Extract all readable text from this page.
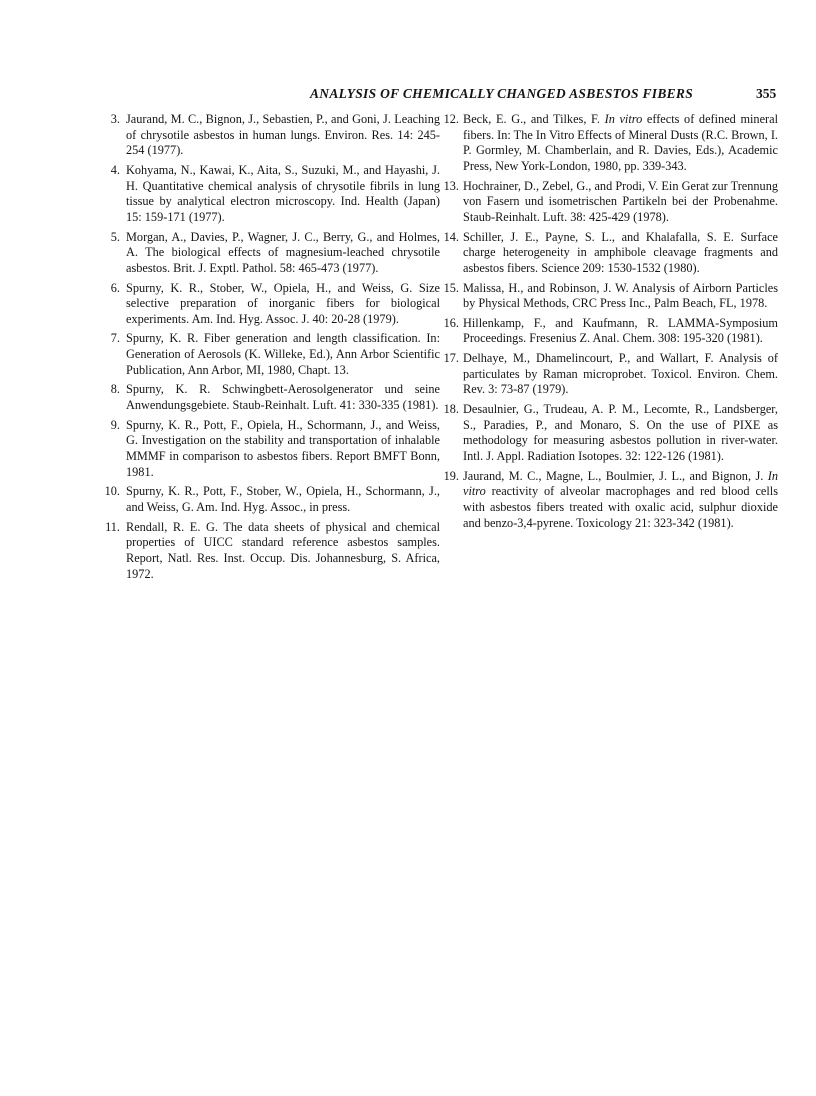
ANALYSIS OF CHEMICALLY CHANGED ASBESTOS FIBERS	355
3. Jaurand, M. C., Bignon, J., Sebastien, P., and Goni, J. Leaching of chrysotile asbestos in human lungs. Environ. Res. 14: 245-254 (1977).
4. Kohyama, N., Kawai, K., Aita, S., Suzuki, M., and Hayashi, J. H. Quantitative chemical analysis of chrysotile fibrils in lung tissue by analytical electron microscopy. Ind. Health (Japan) 15: 159-171 (1977).
5. Morgan, A., Davies, P., Wagner, J. C., Berry, G., and Holmes, A. The biological effects of magnesium-leached chrysotile asbestos. Brit. J. Exptl. Pathol. 58: 465-473 (1977).
6. Spurny, K. R., Stober, W., Opiela, H., and Weiss, G. Size selective preparation of inorganic fibers for biological experiments. Am. Ind. Hyg. Assoc. J. 40: 20-28 (1979).
7. Spurny, K. R. Fiber generation and length classification. In: Generation of Aerosols (K. Willeke, Ed.), Ann Arbor Scientific Publication, Ann Arbor, MI, 1980, Chapt. 13.
8. Spurny, K. R. Schwingbett-Aerosolgenerator und seine Anwendungsgebiete. Staub-Reinhalt. Luft. 41: 330-335 (1981).
9. Spurny, K. R., Pott, F., Opiela, H., Schormann, J., and Weiss, G. Investigation on the stability and transportation of inhalable MMMF in comparison to asbestos fibers. Report BMFT Bonn, 1981.
10. Spurny, K. R., Pott, F., Stober, W., Opiela, H., Schormann, J., and Weiss, G. Am. Ind. Hyg. Assoc., in press.
11. Rendall, R. E. G. The data sheets of physical and chemical properties of UICC standard reference asbestos samples. Report, Natl. Res. Inst. Occup. Dis. Johannesburg, S. Africa, 1972.
12. Beck, E. G., and Tilkes, F. In vitro effects of defined mineral fibers. In: The In Vitro Effects of Mineral Dusts (R.C. Brown, I. P. Gormley, M. Chamberlain, and R. Davies, Eds.), Academic Press, New York-London, 1980, pp. 339-343.
13. Hochrainer, D., Zebel, G., and Prodi, V. Ein Gerat zur Trennung von Fasern und isometrischen Partikeln bei der Probenahme. Staub-Reinhalt. Luft. 38: 425-429 (1978).
14. Schiller, J. E., Payne, S. L., and Khalafalla, S. E. Surface charge heterogeneity in amphibole cleavage fragments and asbestos fibers. Science 209: 1530-1532 (1980).
15. Malissa, H., and Robinson, J. W. Analysis of Airborn Particles by Physical Methods, CRC Press Inc., Palm Beach, FL, 1978.
16. Hillenkamp, F., and Kaufmann, R. LAMMA-Symposium Proceedings. Fresenius Z. Anal. Chem. 308: 195-320 (1981).
17. Delhaye, M., Dhamelincourt, P., and Wallart, F. Analysis of particulates by Raman microprobet. Toxicol. Environ. Chem. Rev. 3: 73-87 (1979).
18. Desaulnier, G., Trudeau, A. P. M., Lecomte, R., Landsberger, S., Paradies, P., and Monaro, S. On the use of PIXE as methodology for measuring asbestos pollution in river-water. Intl. J. Appl. Radiation Isotopes. 32: 122-126 (1981).
19. Jaurand, M. C., Magne, L., Boulmier, J. L., and Bignon, J. In vitro reactivity of alveolar macrophages and red blood cells with asbestos fibers treated with oxalic acid, sulphur dioxide and benzo-3,4-pyrene. Toxicology 21: 323-342 (1981).
